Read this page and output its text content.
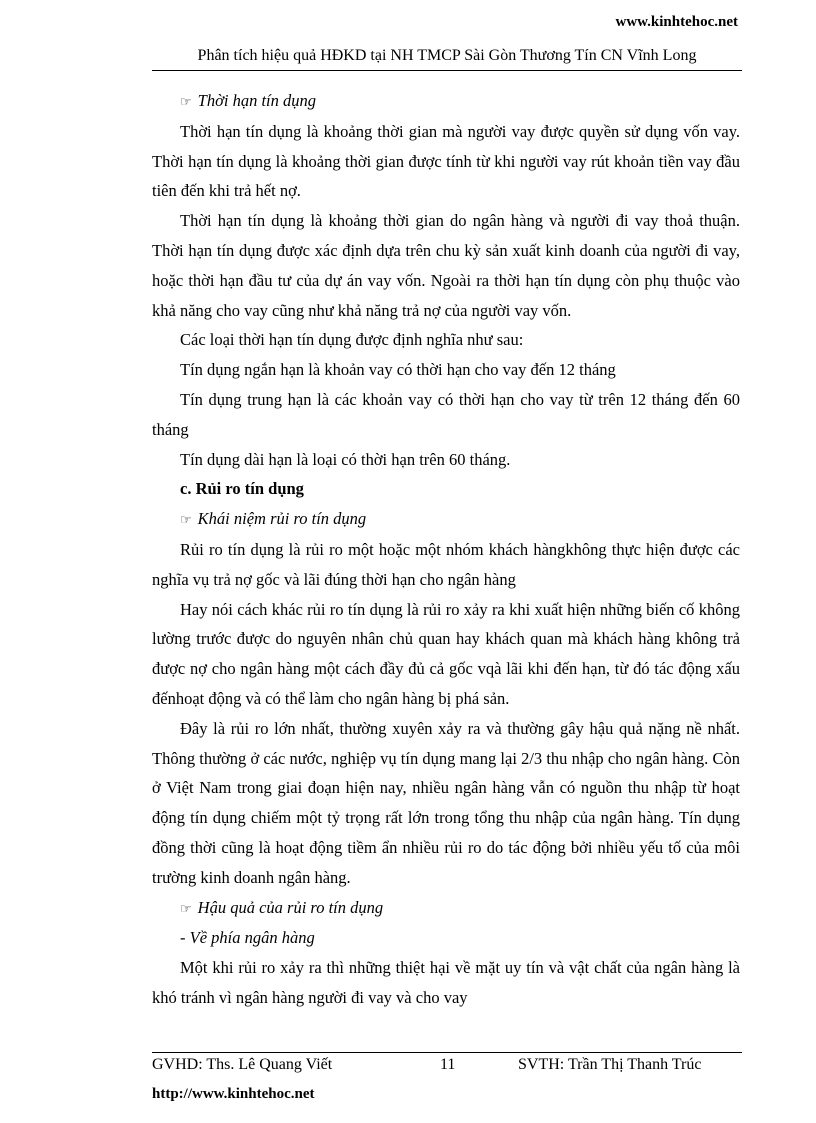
www.kinhtehoc.net
Phân tích hiệu quả HĐKD tại NH TMCP Sài Gòn Thương Tín CN Vĩnh Long

☞ Thời hạn tín dụng

Thời hạn tín dụng là khoảng thời gian mà người vay được quyền sử dụng vốn vay. Thời hạn tín dụng là khoảng thời gian được tính từ khi người vay rút khoản tiền vay đầu tiên đến khi trả hết nợ.

Thời hạn tín dụng là khoảng thời gian do ngân hàng và người đi vay thoả thuận. Thời hạn tín dụng được xác định dựa trên chu kỳ sản xuất kinh doanh của người đi vay, hoặc thời hạn đầu tư của dự án vay vốn. Ngoài ra thời hạn tín dụng còn phụ thuộc vào khả năng cho vay cũng như khả năng trả nợ của người vay vốn.

Các loại thời hạn tín dụng được định nghĩa như sau:

Tín dụng ngắn hạn là khoản vay có thời hạn cho vay đến 12 tháng

Tín dụng trung hạn là các khoản vay có thời hạn cho vay từ trên 12 tháng đến 60 tháng

Tín dụng dài hạn là loại có thời hạn trên 60 tháng.

c. Rủi ro tín dụng

☞ Khái niệm rủi ro tín dụng

Rủi ro tín dụng là rủi ro một hoặc một nhóm khách hàngkhông thực hiện được các nghĩa vụ trả nợ gốc và lãi đúng thời hạn cho ngân hàng

Hay nói cách khác rủi ro tín dụng là rủi ro xảy ra khi xuất hiện những biến cố không lường trước được do nguyên nhân chủ quan hay khách quan mà khách hàng không trả được nợ cho ngân hàng một cách đầy đủ cả gốc vqà lãi khi đến hạn, từ đó tác động xấu đếnhoạt động và có thể làm cho ngân hàng bị phá sản.

Đây là rủi ro lớn nhất, thường xuyên xảy ra và thường gây hậu quả nặng nề nhất. Thông thường ở các nước, nghiệp vụ tín dụng mang lại 2/3 thu nhập cho ngân hàng. Còn ở Việt Nam trong giai đoạn hiện nay, nhiều ngân hàng vẫn có nguồn thu nhập từ hoạt động tín dụng chiếm một tỷ trọng rất lớn trong tổng thu nhập của ngân hàng. Tín dụng đồng thời cũng là hoạt động tiềm ẩn nhiều rủi ro do tác động bởi nhiều yếu tố của môi trường kinh doanh ngân hàng.

☞ Hậu quả của rủi ro tín dụng

- Về phía ngân hàng

Một khi rủi ro xảy ra thì những thiệt hại về mặt uy tín và vật chất của ngân hàng là khó tránh vì ngân hàng người đi vay và cho vay

GVHD: Ths. Lê Quang Viết	11	SVTH: Trần Thị Thanh Trúc
http://www.kinhtehoc.net
